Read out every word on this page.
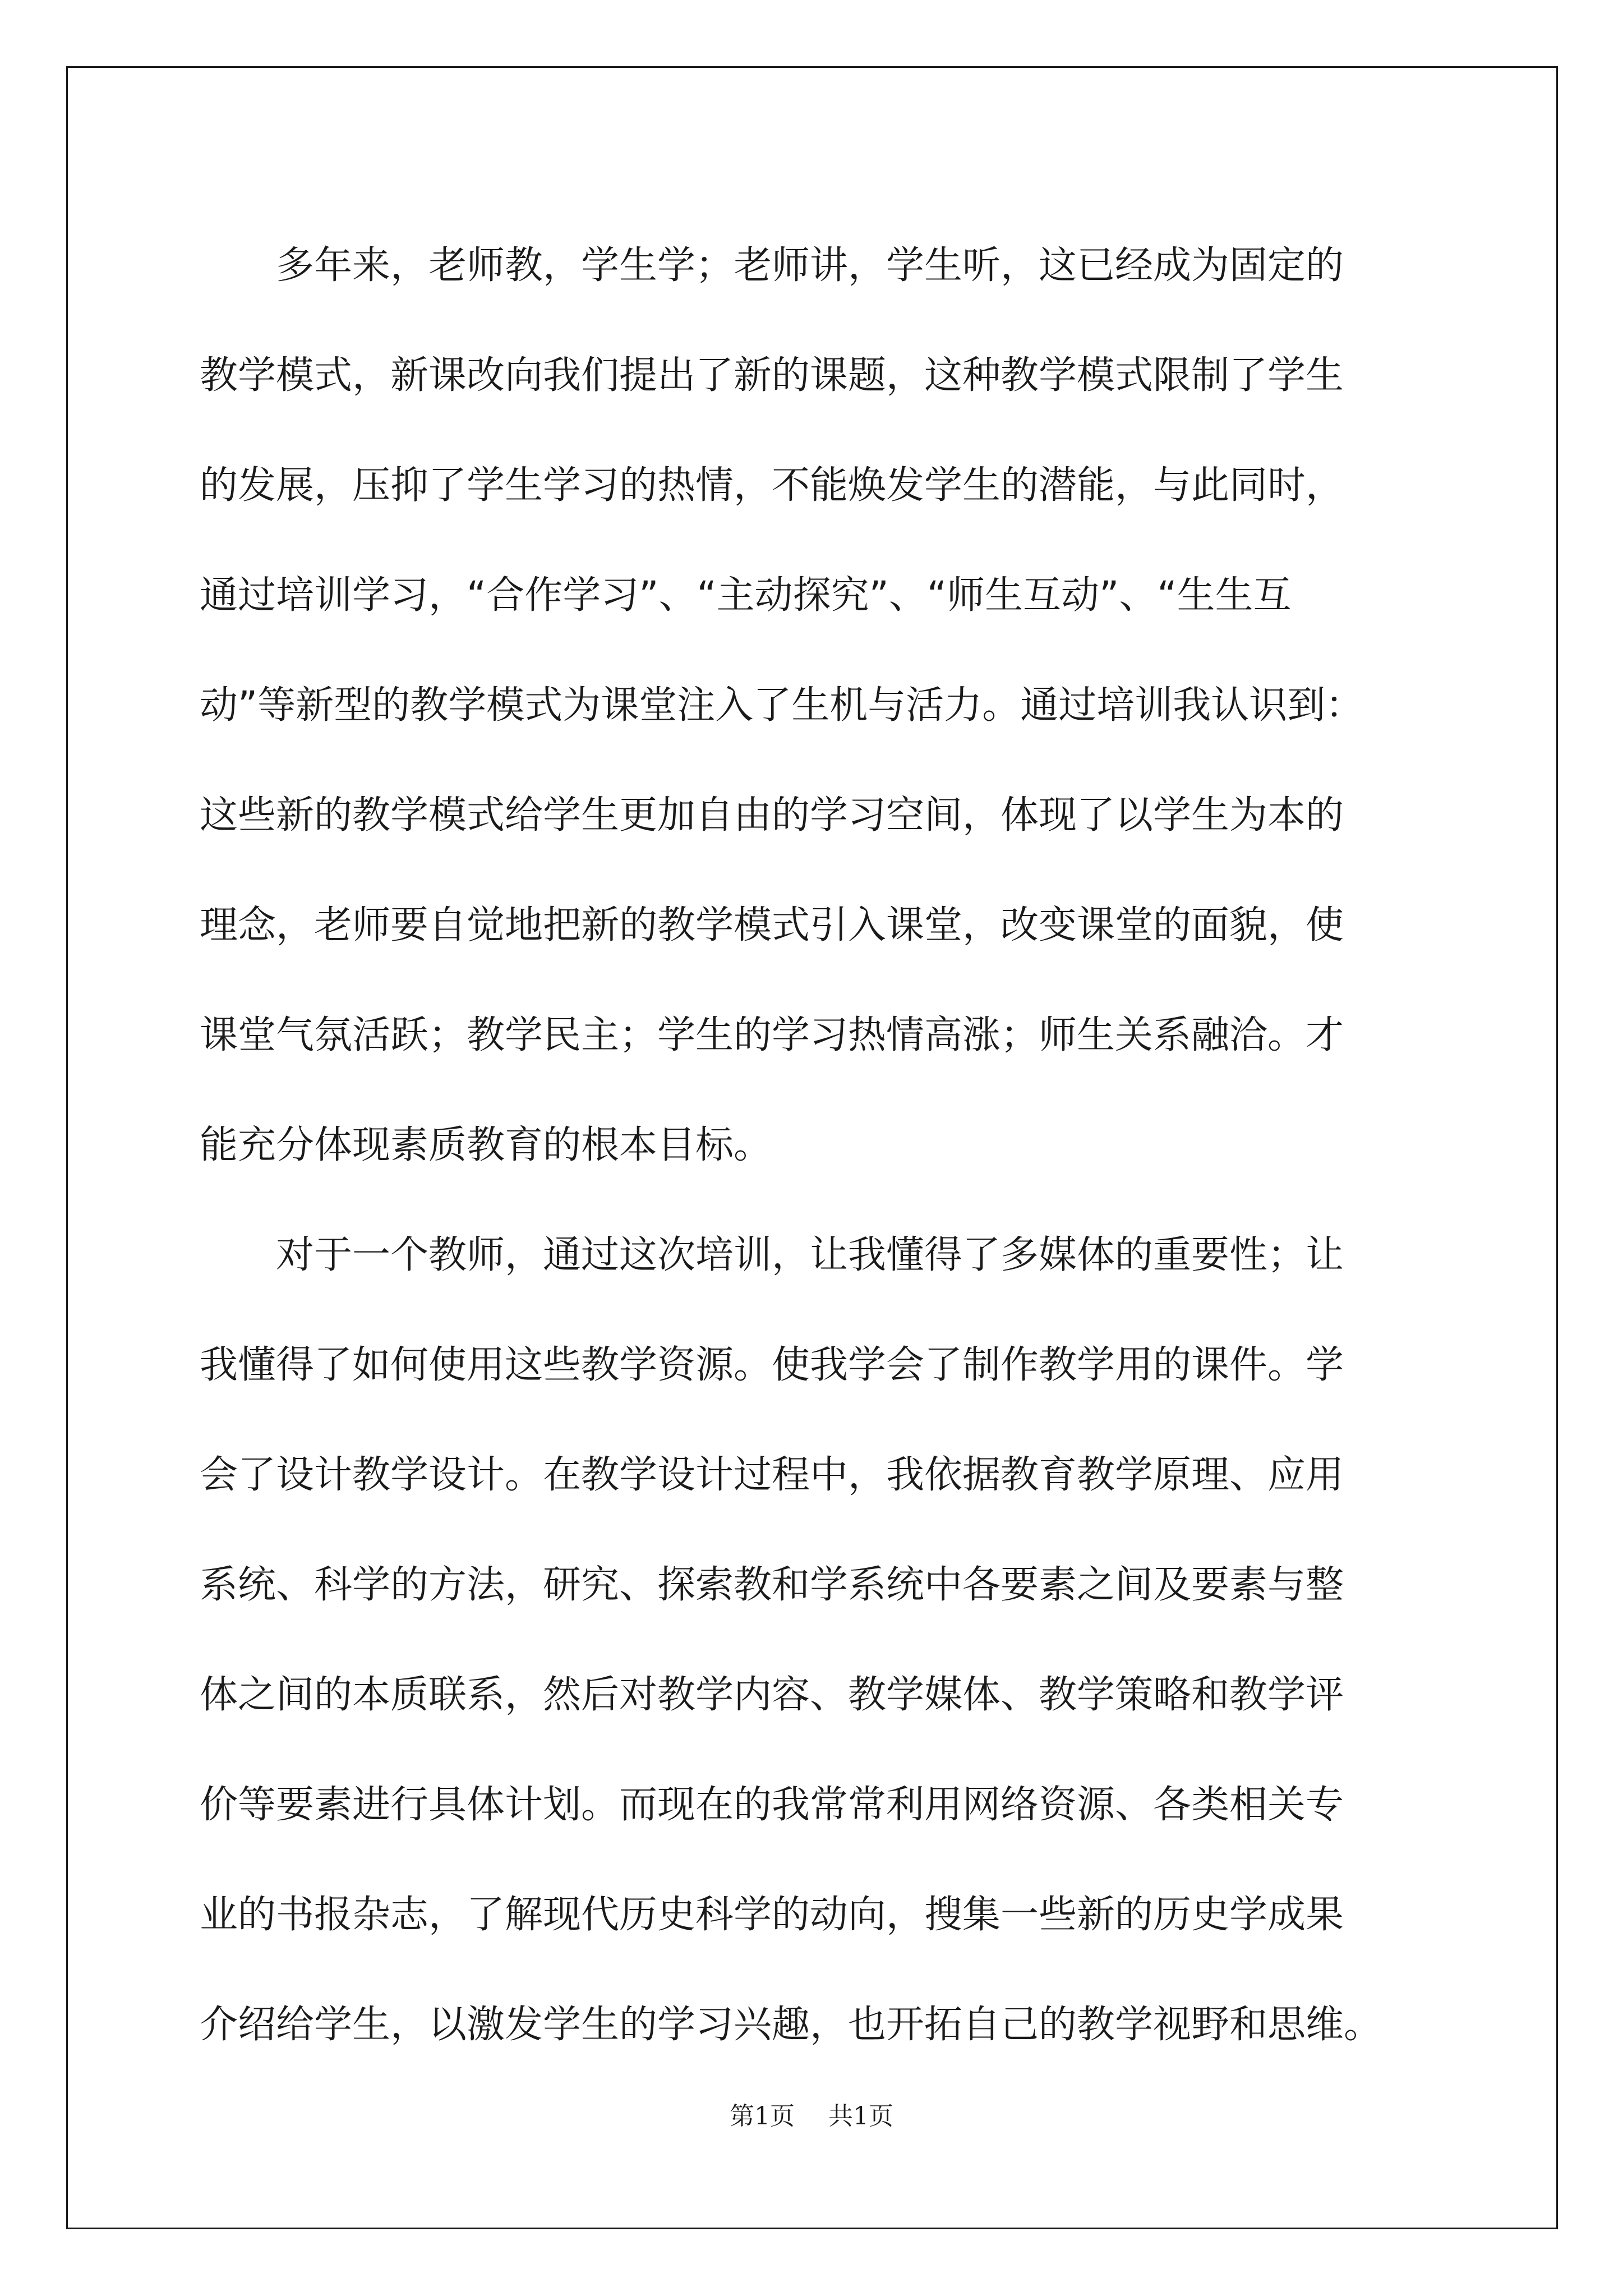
多年来，老师教，学生学；老师讲，学生听，这已经成为固定的
教学模式，新课改向我们提出了新的课题，这种教学模式限制了学生
的发展，压抑了学生学习的热情，不能焕发学生的潜能，与此同时，
通过培训学习，“合作学习”、“主动探究”、“师生互动”、“生生互
动”等新型的教学模式为课堂注入了生机与活力。通过培训我认识到：
这些新的教学模式给学生更加自由的学习空间，体现了以学生为本的
理念，老师要自觉地把新的教学模式引入课堂，改变课堂的面貌，使
课堂气氛活跃；教学民主；学生的学习热情高涨；师生关系融洽。才
能充分体现素质教育的根本目标。
对于一个教师，通过这次培训，让我懂得了多媒体的重要性；让
我懂得了如何使用这些教学资源。使我学会了制作教学用的课件。学
会了设计教学设计。在教学设计过程中，我依据教育教学原理、应用
系统、科学的方法，研究、探索教和学系统中各要素之间及要素与整
体之间的本质联系，然后对教学内容、教学媒体、教学策略和教学评
价等要素进行具体计划。而现在的我常常利用网络资源、各类相关专
业的书报杂志，了解现代历史科学的动向，搜集一些新的历史学成果
介绍给学生，以激发学生的学习兴趣，也开拓自己的教学视野和思维。
第1页 共1页
